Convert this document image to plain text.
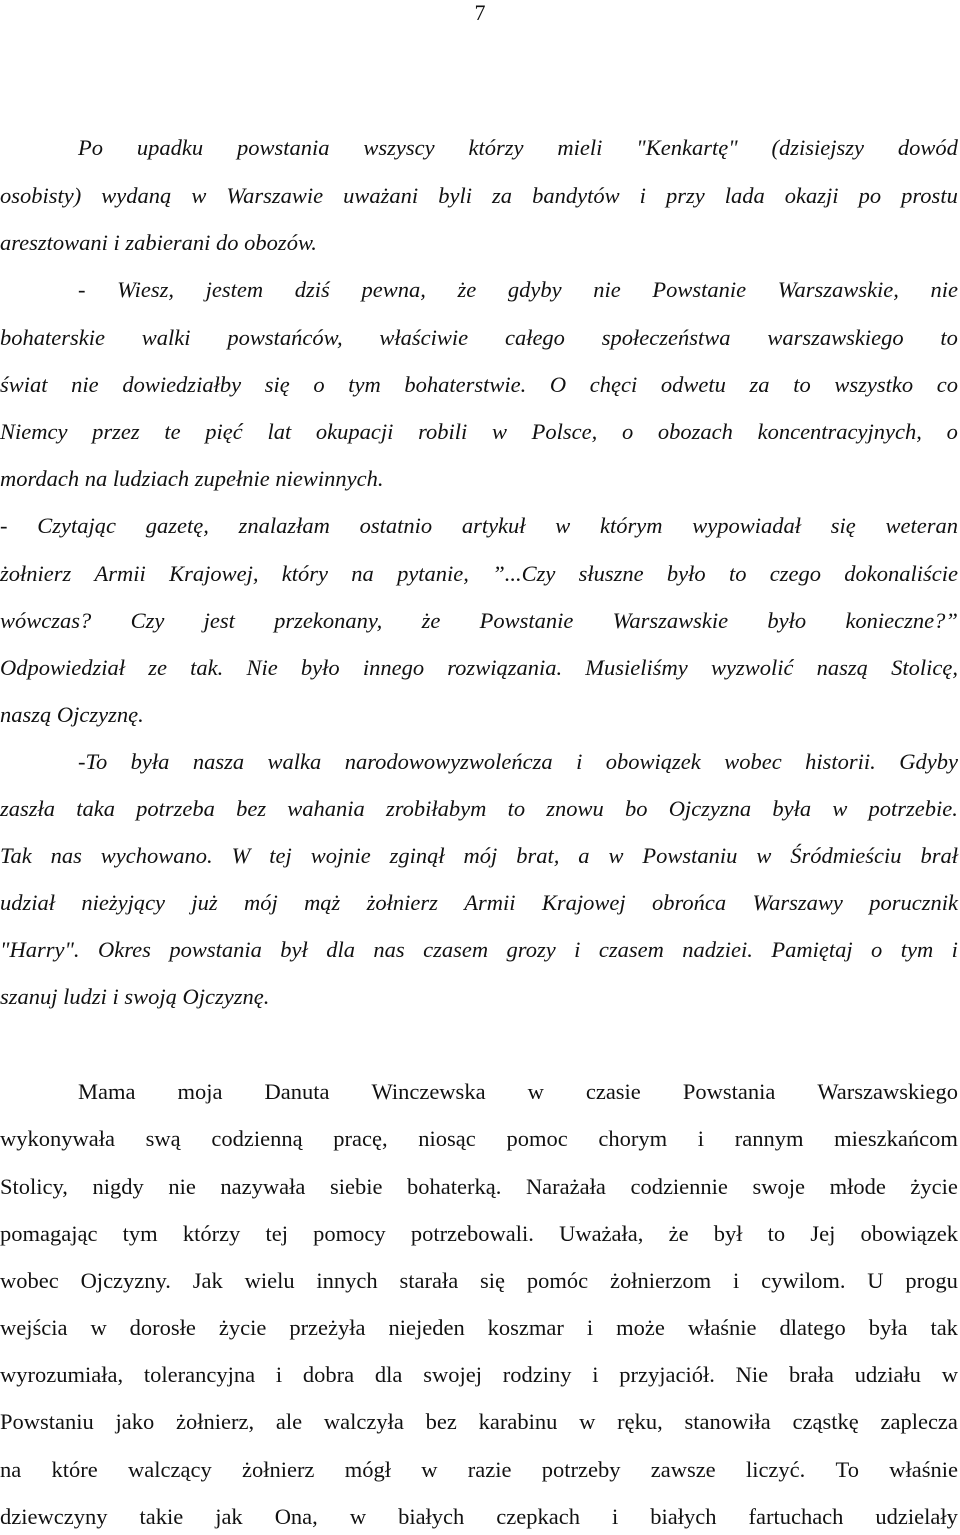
7
Po upadku powstania wszyscy którzy mieli "Kenkartę" (dzisiejszy dowód
osobisty) wydaną w Warszawie uważani byli za bandytów i przy lada okazji po prostu
aresztowani i zabierani do obozów.
- Wiesz, jestem dziś pewna, że gdyby nie Powstanie Warszawskie, nie
bohaterskie walki powstańców, właściwie całego społeczeństwa warszawskiego to
świat nie dowiedziałby się o tym bohaterstwie. O chęci odwetu za to wszystko co
Niemcy przez te pięć lat okupacji robili w Polsce, o obozach koncentracyjnych, o
mordach na ludziach zupełnie niewinnych.
- Czytając gazetę, znalazłam ostatnio artykuł w którym wypowiadał się weteran
żołnierz Armii Krajowej, który na pytanie, ”...Czy słuszne było to czego dokonaliście
wówczas? Czy jest przekonany, że Powstanie Warszawskie było konieczne?”
Odpowiedział ze tak. Nie było innego rozwiązania. Musieliśmy wyzwolić naszą Stolicę,
naszą Ojczyznę.
-To była nasza walka narodowowyzwoleńcza i obowiązek wobec historii. Gdyby
zaszła taka potrzeba bez wahania zrobiłabym to znowu bo Ojczyzna była w potrzebie.
Tak nas wychowano. W tej wojnie zginął mój brat, a w Powstaniu w Śródmieściu brał
udział nieżyjący już mój mąż żołnierz Armii Krajowej obrońca Warszawy porucznik
"Harry". Okres powstania był dla nas czasem grozy i czasem nadziei. Pamiętaj o tym i
szanuj ludzi i swoją Ojczyznę.
Mama moja Danuta Winczewska w czasie Powstania Warszawskiego
wykonywała swą codzienną pracę, niosąc pomoc chorym i rannym mieszkańcom
Stolicy, nigdy nie nazywała siebie bohaterką. Narażała codziennie swoje młode życie
pomagając tym którzy tej pomocy potrzebowali. Uważała, że był to Jej obowiązek
wobec Ojczyzny. Jak wielu innych starała się pomóc żołnierzom i cywilom. U progu
wejścia w dorosłe życie przeżyła niejeden koszmar i może właśnie dlatego była tak
wyrozumiała, tolerancyjna i dobra dla swojej rodziny i przyjaciół. Nie brała udziału w
Powstaniu jako żołnierz, ale walczyła bez karabinu w ręku, stanowiła cząstkę zaplecza
na które walczący żołnierz mógł w razie potrzeby zawsze liczyć. To właśnie
dziewczyny takie jak Ona, w białych czepkach i białych fartuchach udzielały
